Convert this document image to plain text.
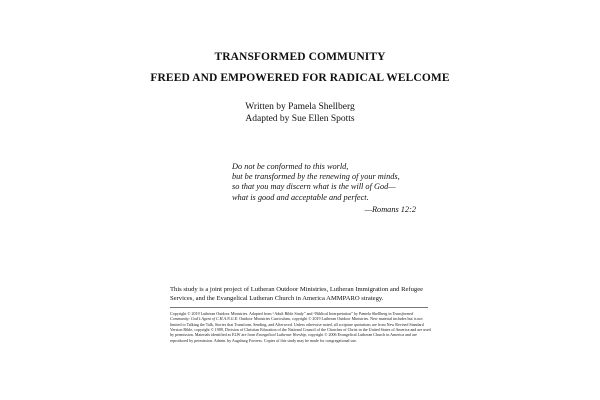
TRANSFORMED COMMUNITY
FREED AND EMPOWERED FOR RADICAL WELCOME

Written by Pamela Shellberg

Adapted by Sue Ellen Spotts

Do not be conformed to this world,
but be transformed by the renewing of your minds,
so that you may discern what is the will of God—
what is good and acceptable and perfect.
—Romans 12:2

This study is a joint project of Lutheran Outdoor Ministries, Lutheran Immigration and Refugee Services, and the Evangelical Lutheran Church in America AMMPARO strategy.

Copyright © 2019 Lutheran Outdoor Ministries. Adapted from “Adult Bible Study” and “Biblical Interpretation” by Pamela Shellberg in Transformed Community: God’s Agent of C.H.A.N.G.E. Outdoor Ministries Curriculum, copyright © 2019 Lutheran Outdoor Ministries. New material includes but is not limited to Talking the Talk, Stories that Transform, Sending, and Afterword. Unless otherwise noted, all scripture quotations are from New Revised Standard Version Bible, copyright © 1989, Division of Christian Education of the National Council of the Churches of Christ in the United States of America and are used by permission. Materials identified as ELW are from Evangelical Lutheran Worship, copyright © 2006 Evangelical Lutheran Church in America and are reproduced by permission. Admin. by Augsburg Fortress. Copies of this study may be made for congregational use.
